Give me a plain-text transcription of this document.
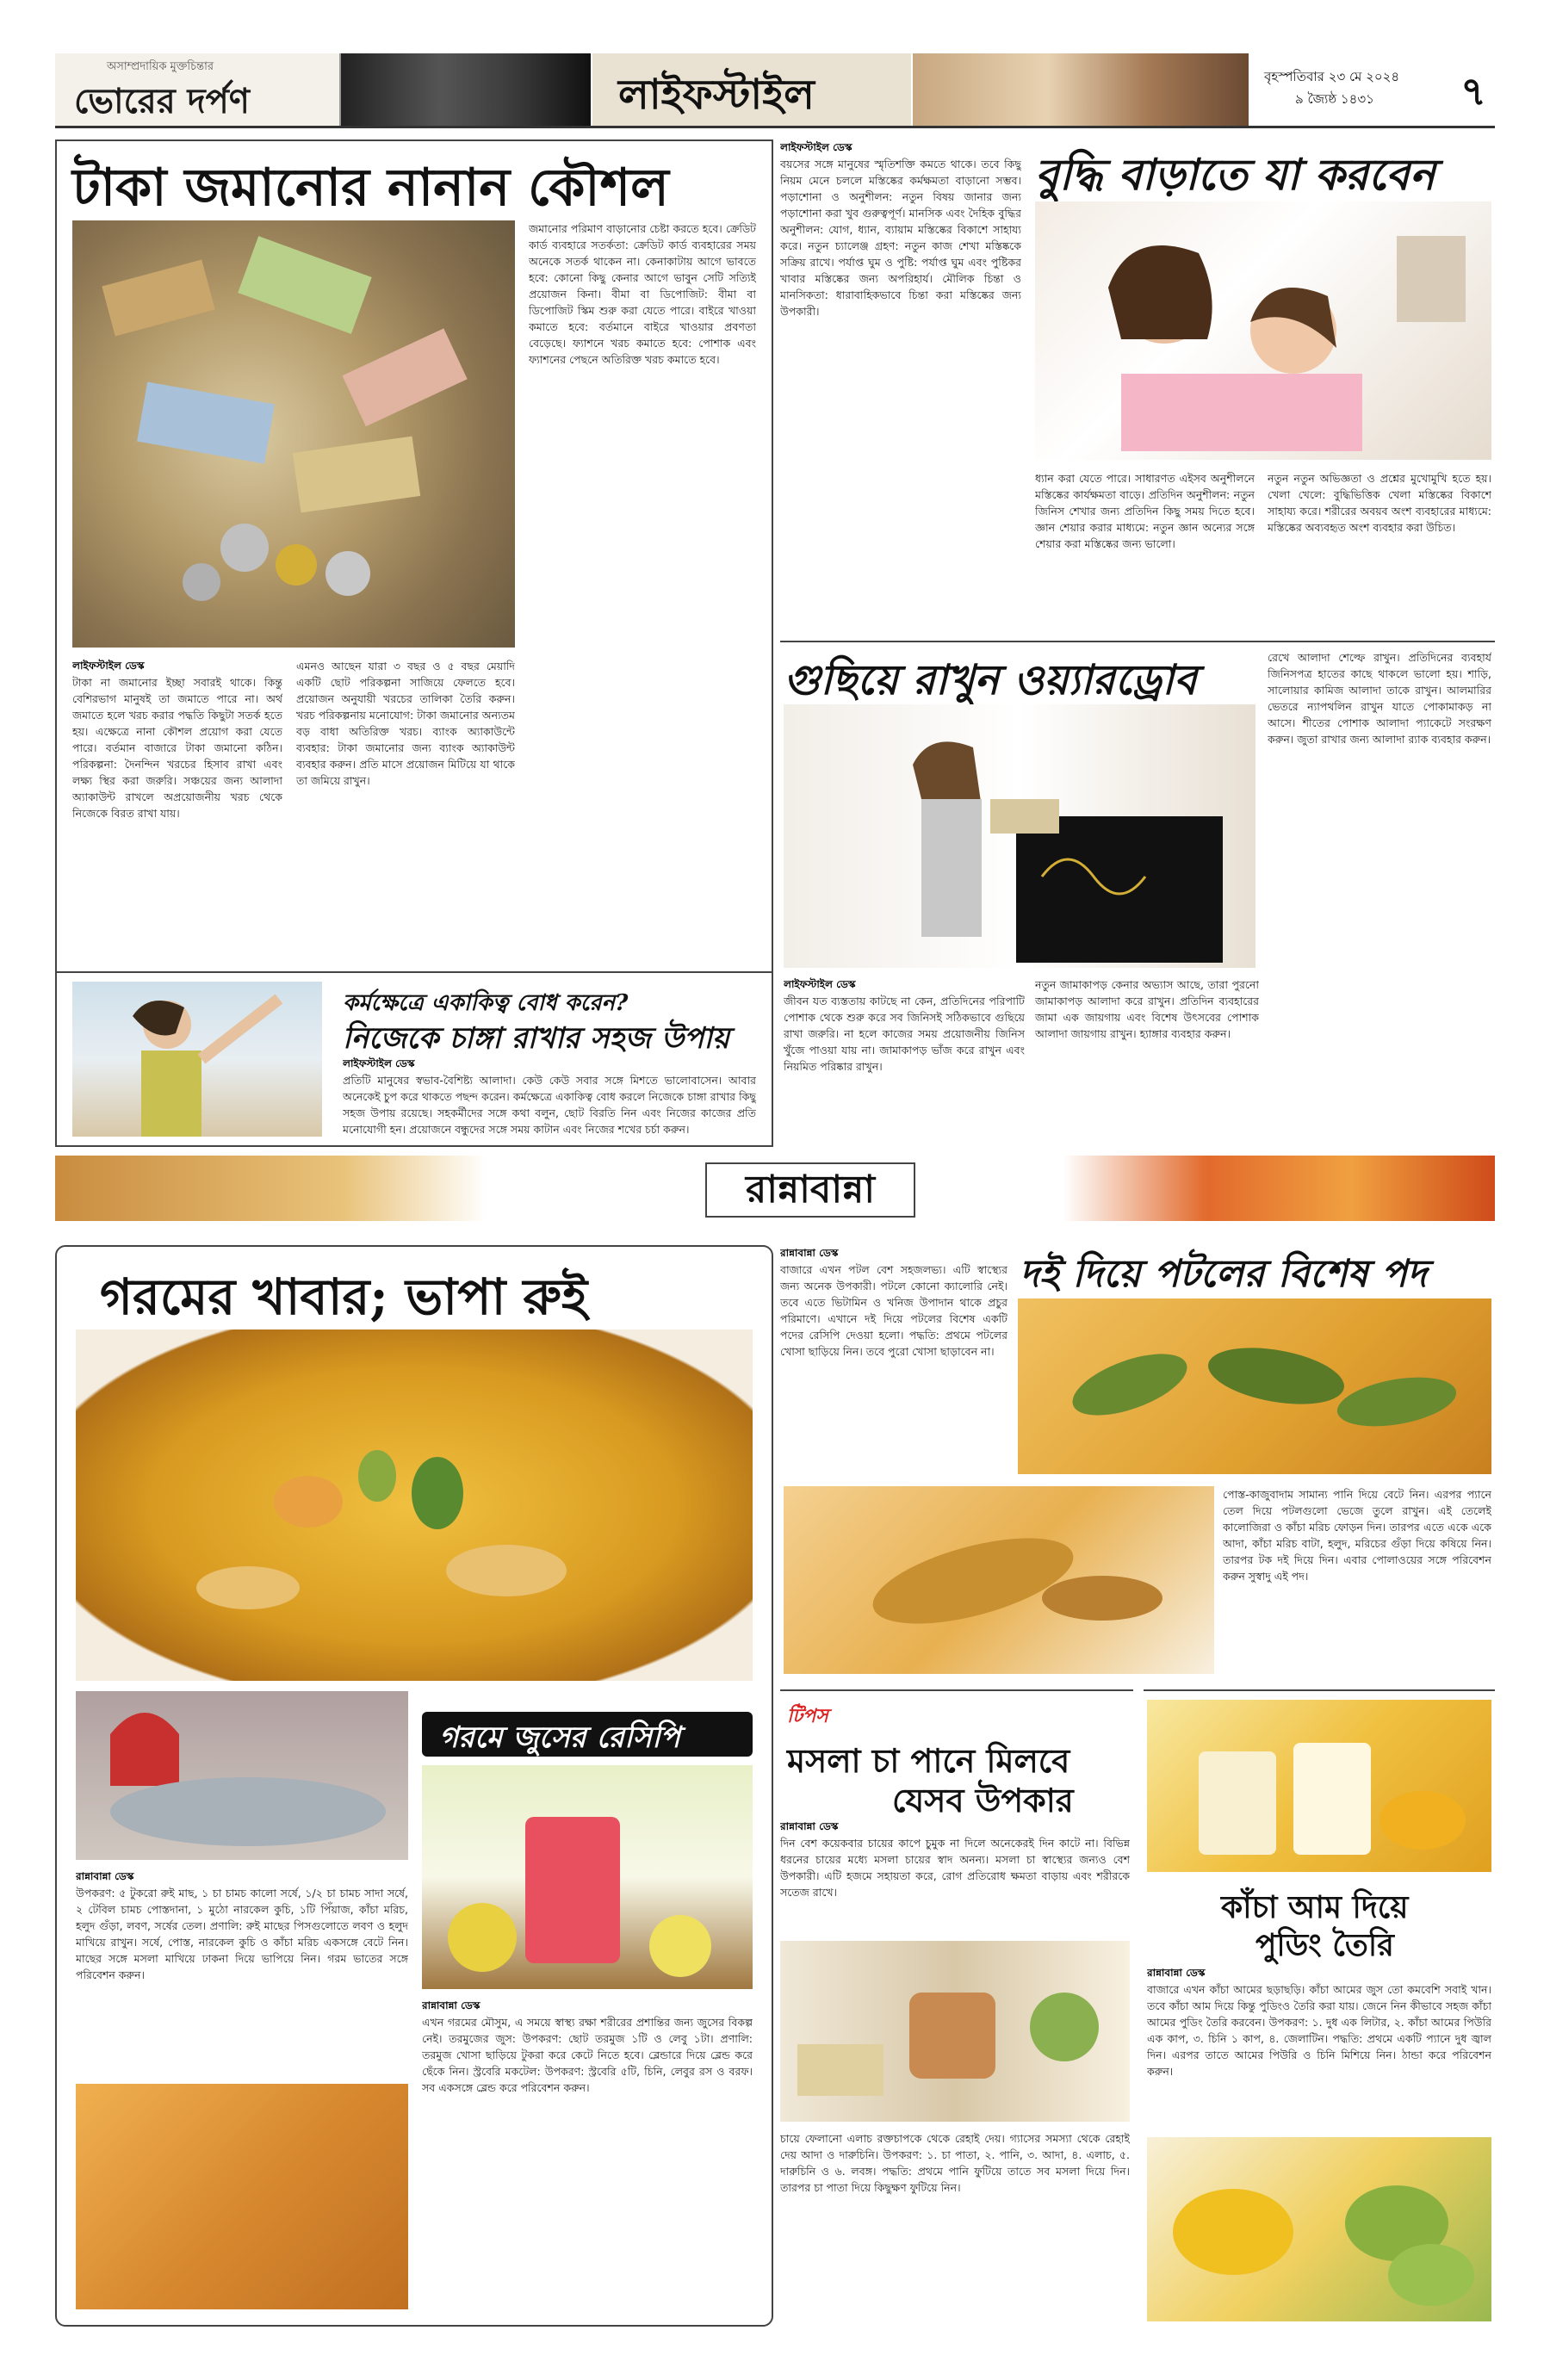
অসাম্প্রদায়িক মুক্তচিন্তার
ভোরের দর্পণ	লাইফস্টাইল	বৃহস্পতিবার ২৩ মে ২০২৪
৯ জ্যৈষ্ঠ ১৪৩১ ৭
টাকা জমানোর নানান কৌশল
লাইফস্টাইল ডেস্ক

টাকা না জমানোর ইচ্ছা সবারই থাকে। কিন্তু বেশিরভাগ মানুষই তা জমাতে পারে না। অর্থ জমাতে হলে খরচ করার পদ্ধতি কিছুটা সতর্ক হতে হয়। এক্ষেত্রে নানা কৌশল প্রয়োগ করা যেতে পারে। বর্তমান বাজারে টাকা জমানো কঠিন। পরিকল্পনা: দৈনন্দিন খরচের হিসাব রাখা এবং লক্ষ্য স্থির করা জরুরি। সঞ্চয়ের জন্য আলাদা অ্যাকাউন্ট রাখলে অপ্রয়োজনীয় খরচ থেকে নিজেকে বিরত রাখা যায়।

এমনও আছেন যারা ৩ বছর ও ৫ বছর মেয়াদি একটি ছোট পরিকল্পনা সাজিয়ে ফেলতে হবে। প্রয়োজন অনুযায়ী খরচের তালিকা তৈরি করুন। খরচ পরিকল্পনায় মনোযোগ: টাকা জমানোর অন্যতম বড় বাধা অতিরিক্ত খরচ। ব্যাংক অ্যাকাউন্টে ব্যবহার: টাকা জমানোর জন্য ব্যাংক অ্যাকাউন্ট ব্যবহার করুন। প্রতি মাসে প্রয়োজন মিটিয়ে যা থাকে তা জমিয়ে রাখুন।

জমানোর পরিমাণ বাড়ানোর চেষ্টা করতে হবে। ক্রেডিট কার্ড ব্যবহারে সতর্কতা: ক্রেডিট কার্ড ব্যবহারের সময় অনেকে সতর্ক থাকেন না। কেনাকাটায় আগে ভাবতে হবে: কোনো কিছু কেনার আগে ভাবুন সেটি সত্যিই প্রয়োজন কিনা। বীমা বা ডিপোজিট: বীমা বা ডিপোজিট স্কিম শুরু করা যেতে পারে। বাইরে খাওয়া কমাতে হবে: বর্তমানে বাইরে খাওয়ার প্রবণতা বেড়েছে। ফ্যাশনে খরচ কমাতে হবে: পোশাক এবং ফ্যাশনের পেছনে অতিরিক্ত খরচ কমাতে হবে।

কর্মক্ষেত্রে একাকিত্ব বোধ করেন?
নিজেকে চাঙ্গা রাখার সহজ উপায়
লাইফস্টাইল ডেস্ক

প্রতিটি মানুষের স্বভাব-বৈশিষ্ট্য আলাদা। কেউ কেউ সবার সঙ্গে মিশতে ভালোবাসেন। আবার অনেকেই চুপ করে থাকতে পছন্দ করেন। কর্মক্ষেত্রে একাকিত্ব বোধ করলে নিজেকে চাঙ্গা রাখার কিছু সহজ উপায় রয়েছে। সহকর্মীদের সঙ্গে কথা বলুন, ছোট বিরতি নিন এবং নিজের কাজের প্রতি মনোযোগী হন। প্রয়োজনে বন্ধুদের সঙ্গে সময় কাটান এবং নিজের শখের চর্চা করুন।

বুদ্ধি বাড়াতে যা করবেন
লাইফস্টাইল ডেস্ক

বয়সের সঙ্গে মানুষের স্মৃতিশক্তি কমতে থাকে। তবে কিছু নিয়ম মেনে চললে মস্তিষ্কের কর্মক্ষমতা বাড়ানো সম্ভব। পড়াশোনা ও অনুশীলন: নতুন বিষয় জানার জন্য পড়াশোনা করা খুব গুরুত্বপূর্ণ। মানসিক এবং দৈহিক বুদ্ধির অনুশীলন: যোগ, ধ্যান, ব্যায়াম মস্তিষ্কের বিকাশে সাহায্য করে। নতুন চ্যালেঞ্জ গ্রহণ: নতুন কাজ শেখা মস্তিষ্ককে সক্রিয় রাখে। পর্যাপ্ত ঘুম ও পুষ্টি: পর্যাপ্ত ঘুম এবং পুষ্টিকর খাবার মস্তিষ্কের জন্য অপরিহার্য। মৌলিক চিন্তা ও মানসিকতা: ধারাবাহিকভাবে চিন্তা করা মস্তিষ্কের জন্য উপকারী।

ধ্যান করা যেতে পারে। সাধারণত এইসব অনুশীলনে মস্তিষ্কের কার্যক্ষমতা বাড়ে। প্রতিদিন অনুশীলন: নতুন জিনিস শেখার জন্য প্রতিদিন কিছু সময় দিতে হবে। জ্ঞান শেয়ার করার মাধ্যমে: নতুন জ্ঞান অন্যের সঙ্গে শেয়ার করা মস্তিষ্কের জন্য ভালো।

নতুন নতুন অভিজ্ঞতা ও প্রশ্নের মুখোমুখি হতে হয়। খেলা খেলে: বুদ্ধিভিত্তিক খেলা মস্তিষ্কের বিকাশে সাহায্য করে। শরীরের অবয়ব অংশ ব্যবহারের মাধ্যমে: মস্তিষ্কের অব্যবহৃত অংশ ব্যবহার করা উচিত।

গুছিয়ে রাখুন ওয়্যারড্রোব
লাইফস্টাইল ডেস্ক

জীবন যত ব্যস্ততায় কাটছে না কেন, প্রতিদিনের পরিপাটি পোশাক থেকে শুরু করে সব জিনিসই সঠিকভাবে গুছিয়ে রাখা জরুরি। না হলে কাজের সময় প্রয়োজনীয় জিনিস খুঁজে পাওয়া যায় না। জামাকাপড় ভাঁজ করে রাখুন এবং নিয়মিত পরিষ্কার রাখুন।

নতুন জামাকাপড় কেনার অভ্যাস আছে, তারা পুরনো জামাকাপড় আলাদা করে রাখুন। প্রতিদিন ব্যবহারের জামা এক জায়গায় এবং বিশেষ উৎসবের পোশাক আলাদা জায়গায় রাখুন। হ্যাঙ্গার ব্যবহার করুন।

রেখে আলাদা শেল্ফে রাখুন। প্রতিদিনের ব্যবহার্য জিনিসপত্র হাতের কাছে থাকলে ভালো হয়। শাড়ি, সালোয়ার কামিজ আলাদা তাকে রাখুন। আলমারির ভেতরে ন্যাপথলিন রাখুন যাতে পোকামাকড় না আসে। শীতের পোশাক আলাদা প্যাকেটে সংরক্ষণ করুন। জুতা রাখার জন্য আলাদা র‍্যাক ব্যবহার করুন।

রান্নাবান্না
গরমের খাবার; ভাপা রুই
রান্নাবান্না ডেস্ক

উপকরণ: ৫ টুকরো রুই মাছ, ১ চা চামচ কালো সর্ষে, ১/২ চা চামচ সাদা সর্ষে, ২ টেবিল চামচ পোস্তদানা, ১ মুঠো নারকেল কুচি, ১টি পিঁয়াজ, কাঁচা মরিচ, হলুদ গুঁড়া, লবণ, সর্ষের তেল। প্রণালি: রুই মাছের পিসগুলোতে লবণ ও হলুদ মাখিয়ে রাখুন। সর্ষে, পোস্ত, নারকেল কুচি ও কাঁচা মরিচ একসঙ্গে বেটে নিন। মাছের সঙ্গে মসলা মাখিয়ে ঢাকনা দিয়ে ভাপিয়ে নিন। গরম ভাতের সঙ্গে পরিবেশন করুন।

গরমে জুসের রেসিপি
রান্নাবান্না ডেস্ক

এখন গরমের মৌসুম, এ সময়ে স্বাস্থ্য রক্ষা শরীরের প্রশান্তির জন্য জুসের বিকল্প নেই। তরমুজের জুস: উপকরণ: ছোট তরমুজ ১টি ও লেবু ১টা। প্রণালি: তরমুজ খোসা ছাড়িয়ে টুকরা করে কেটে নিতে হবে। ব্লেন্ডারে দিয়ে ব্লেন্ড করে ছেঁকে নিন। স্ট্রবেরি মকটেল: উপকরণ: স্ট্রবেরি ৫টি, চিনি, লেবুর রস ও বরফ। সব একসঙ্গে ব্লেন্ড করে পরিবেশন করুন।

দই দিয়ে পটলের বিশেষ পদ
রান্নাবান্না ডেস্ক

বাজারে এখন পটল বেশ সহজলভ্য। এটি স্বাস্থ্যের জন্য অনেক উপকারী। পটলে কোনো ক্যালোরি নেই। তবে এতে ভিটামিন ও খনিজ উপাদান থাকে প্রচুর পরিমাণে। এখানে দই দিয়ে পটলের বিশেষ একটি পদের রেসিপি দেওয়া হলো। পদ্ধতি: প্রথমে পটলের খোসা ছাড়িয়ে নিন। তবে পুরো খোসা ছাড়াবেন না।

পোস্ত-কাজুবাদাম সামান্য পানি দিয়ে বেটে নিন। এরপর প্যানে তেল দিয়ে পটলগুলো ভেজে তুলে রাখুন। এই তেলেই কালোজিরা ও কাঁচা মরিচ ফোড়ন দিন। তারপর এতে একে একে আদা, কাঁচা মরিচ বাটা, হলুদ, মরিচের গুঁড়া দিয়ে কষিয়ে নিন। তারপর টক দই দিয়ে দিন। এবার পোলাওয়ের সঙ্গে পরিবেশন করুন সুস্বাদু এই পদ।

টিপস
মসলা চা পানে মিলবে
যেসব উপকার
রান্নাবান্না ডেস্ক

দিন বেশ কয়েকবার চায়ের কাপে চুমুক না দিলে অনেকেরই দিন কাটে না। বিভিন্ন ধরনের চায়ের মধ্যে মসলা চায়ের স্বাদ অনন্য। মসলা চা স্বাস্থ্যের জন্যও বেশ উপকারী। এটি হজমে সহায়তা করে, রোগ প্রতিরোধ ক্ষমতা বাড়ায় এবং শরীরকে সতেজ রাখে।

চায়ে ফেলানো এলাচ রক্তচাপকে থেকে রেহাই দেয়। গ্যাসের সমস্যা থেকে রেহাই দেয় আদা ও দারুচিনি। উপকরণ: ১. চা পাতা, ২. পানি, ৩. আদা, ৪. এলাচ, ৫. দারুচিনি ও ৬. লবঙ্গ। পদ্ধতি: প্রথমে পানি ফুটিয়ে তাতে সব মসলা দিয়ে দিন। তারপর চা পাতা দিয়ে কিছুক্ষণ ফুটিয়ে নিন।

কাঁচা আম দিয়ে
পুডিং তৈরি
রান্নাবান্না ডেস্ক

বাজারে এখন কাঁচা আমের ছড়াছড়ি। কাঁচা আমের জুস তো কমবেশি সবাই খান। তবে কাঁচা আম দিয়ে কিন্তু পুডিংও তৈরি করা যায়। জেনে নিন কীভাবে সহজ কাঁচা আমের পুডিং তৈরি করবেন। উপকরণ: ১. দুধ এক লিটার, ২. কাঁচা আমের পিউরি এক কাপ, ৩. চিনি ১ কাপ, ৪. জেলাটিন। পদ্ধতি: প্রথমে একটি প্যানে দুধ জ্বাল দিন। এরপর তাতে আমের পিউরি ও চিনি মিশিয়ে নিন। ঠান্ডা করে পরিবেশন করুন।
